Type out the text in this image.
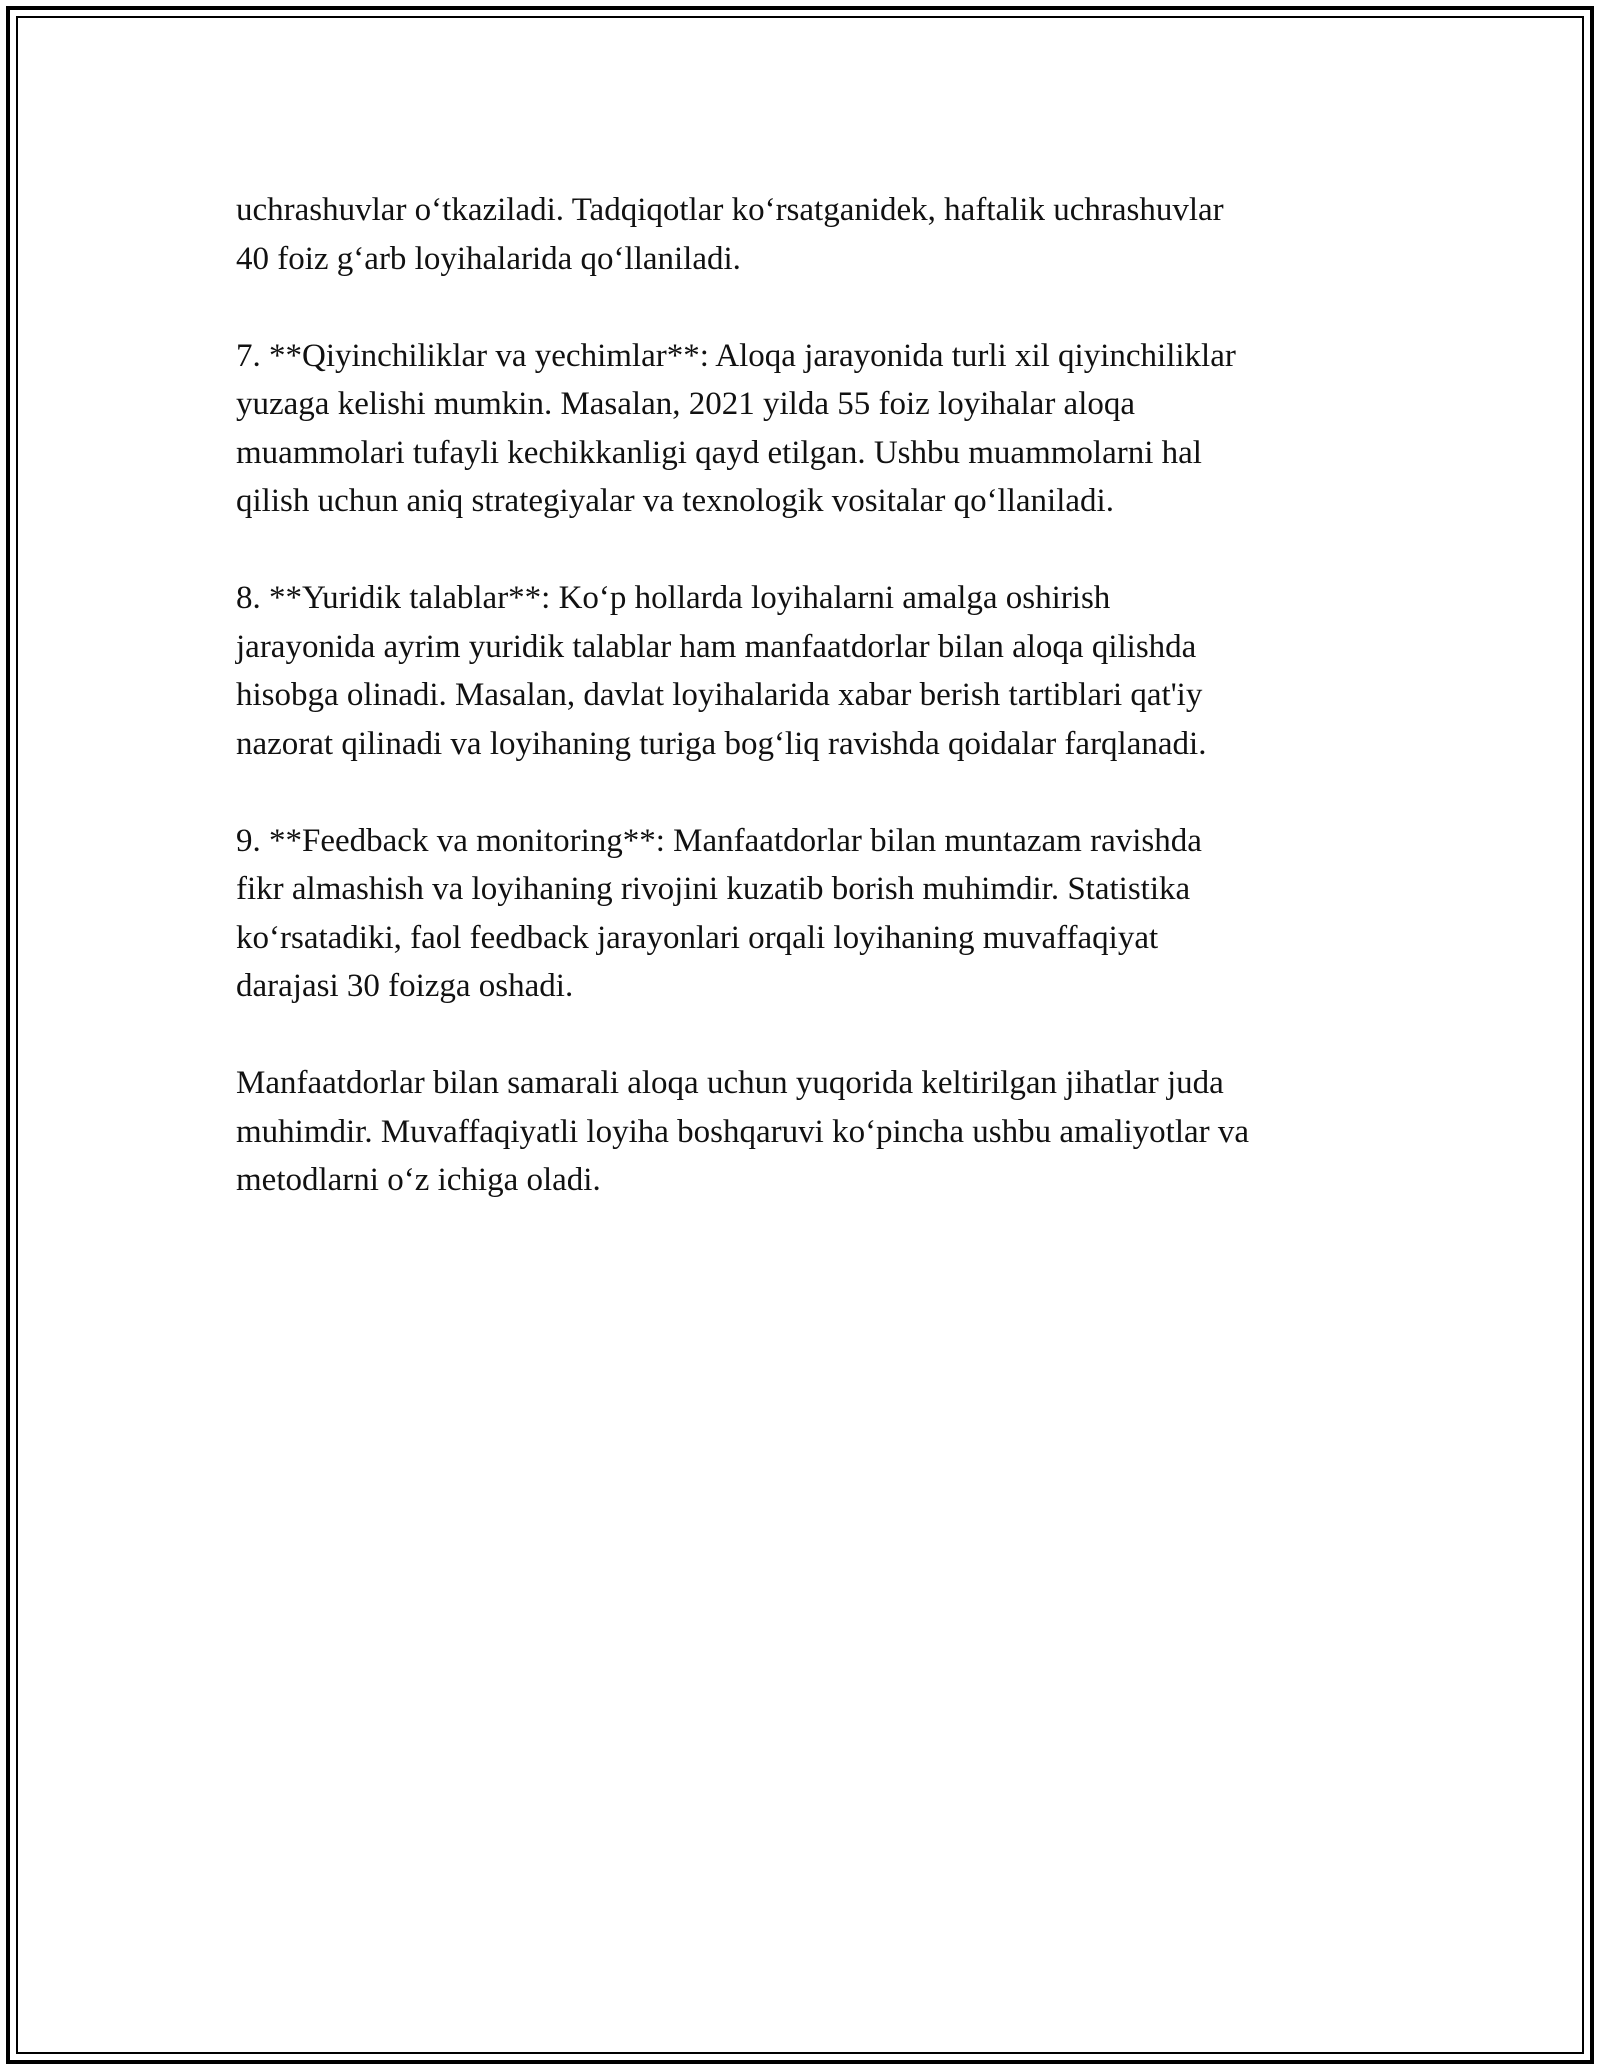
uchrashuvlar o‘tkaziladi. Tadqiqotlar ko‘rsatganidek, haftalik uchrashuvlar
40 foiz g‘arb loyihalarida qo‘llaniladi.

7. **Qiyinchiliklar va yechimlar**: Aloqa jarayonida turli xil qiyinchiliklar
yuzaga kelishi mumkin. Masalan, 2021 yilda 55 foiz loyihalar aloqa
muammolari tufayli kechikkanligi qayd etilgan. Ushbu muammolarni hal
qilish uchun aniq strategiyalar va texnologik vositalar qo‘llaniladi.

8. **Yuridik talablar**: Ko‘p hollarda loyihalarni amalga oshirish
jarayonida ayrim yuridik talablar ham manfaatdorlar bilan aloqa qilishda
hisobga olinadi. Masalan, davlat loyihalarida xabar berish tartiblari qat'iy
nazorat qilinadi va loyihaning turiga bog‘liq ravishda qoidalar farqlanadi.

9. **Feedback va monitoring**: Manfaatdorlar bilan muntazam ravishda
fikr almashish va loyihaning rivojini kuzatib borish muhimdir. Statistika
ko‘rsatadiki, faol feedback jarayonlari orqali loyihaning muvaffaqiyat
darajasi 30 foizga oshadi.

Manfaatdorlar bilan samarali aloqa uchun yuqorida keltirilgan jihatlar juda
muhimdir. Muvaffaqiyatli loyiha boshqaruvi ko‘pincha ushbu amaliyotlar va
metodlarni o‘z ichiga oladi.
